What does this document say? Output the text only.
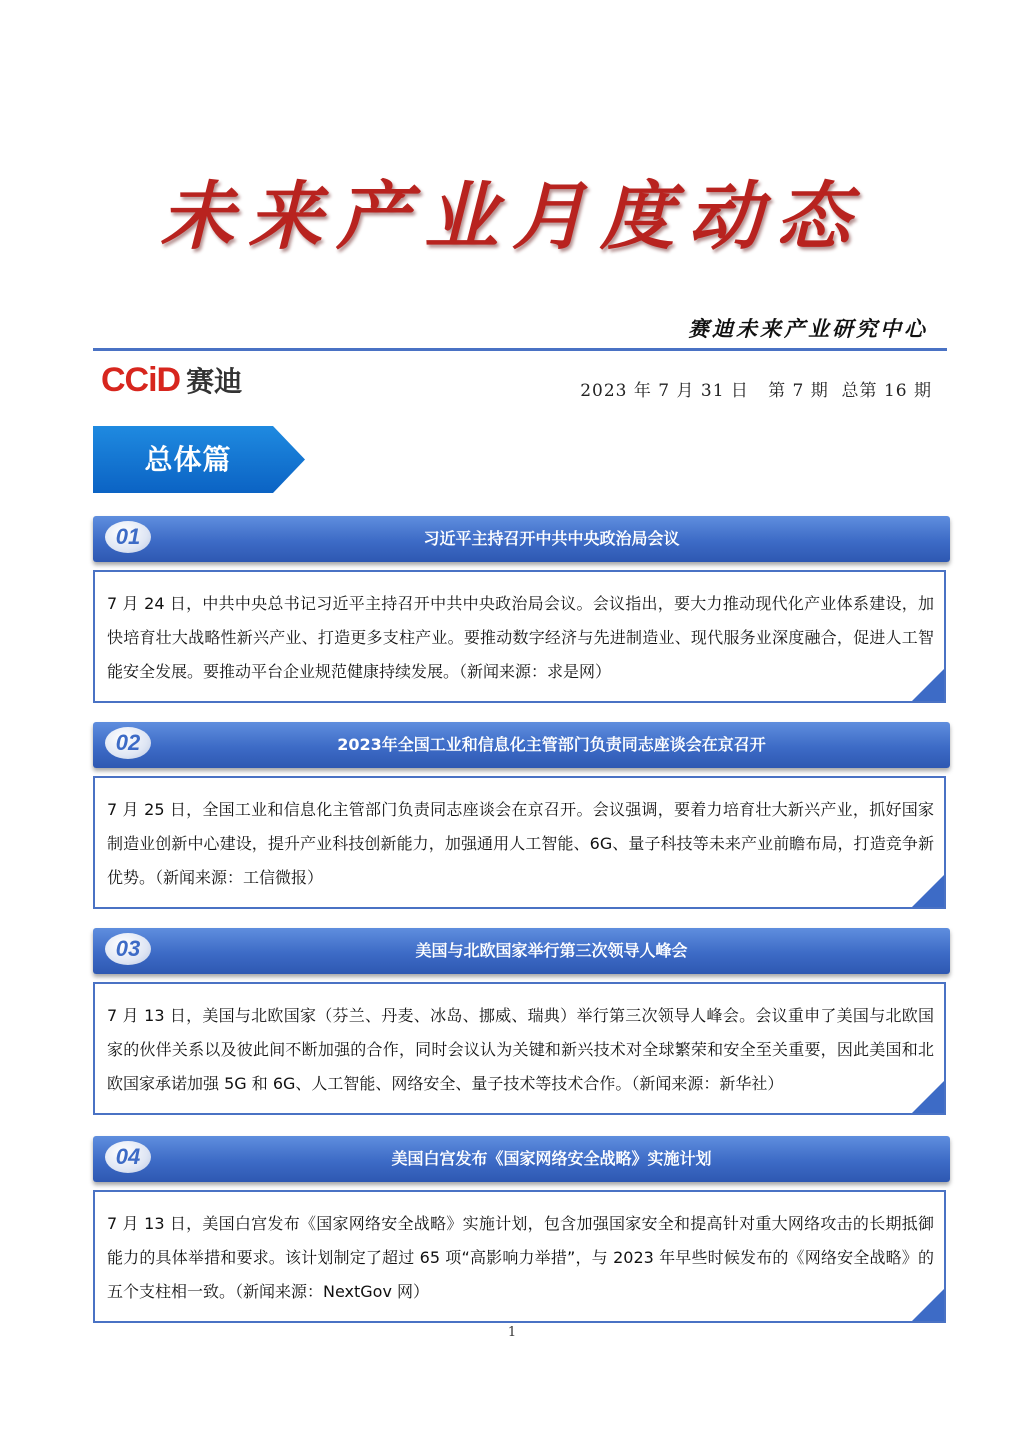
未来产业月度动态
赛迪未来产业研究中心
CCiD 赛迪	2023 年 7 月 31 日   第 7 期  总第 16 期
总体篇
01	习近平主持召开中共中央政治局会议
7 月 24 日，中共中央总书记习近平主持召开中共中央政治局会议。会议指出，要大力推动现代化产业体系建设，加快培育壮大战略性新兴产业、打造更多支柱产业。要推动数字经济与先进制造业、现代服务业深度融合，促进人工智能安全发展。要推动平台企业规范健康持续发展。（新闻来源：求是网）
02	2023年全国工业和信息化主管部门负责同志座谈会在京召开
7 月 25 日，全国工业和信息化主管部门负责同志座谈会在京召开。会议强调，要着力培育壮大新兴产业，抓好国家制造业创新中心建设，提升产业科技创新能力，加强通用人工智能、6G、量子科技等未来产业前瞻布局，打造竞争新优势。（新闻来源：工信微报）
03	美国与北欧国家举行第三次领导人峰会
7 月 13 日，美国与北欧国家（芬兰、丹麦、冰岛、挪威、瑞典）举行第三次领导人峰会。会议重申了美国与北欧国家的伙伴关系以及彼此间不断加强的合作，同时会议认为关键和新兴技术对全球繁荣和安全至关重要，因此美国和北欧国家承诺加强 5G 和 6G、人工智能、网络安全、量子技术等技术合作。（新闻来源：新华社）
04	美国白宫发布《国家网络安全战略》实施计划
7 月 13 日，美国白宫发布《国家网络安全战略》实施计划，包含加强国家安全和提高针对重大网络攻击的长期抵御能力的具体举措和要求。该计划制定了超过 65 项“高影响力举措”，与 2023 年早些时候发布的《网络安全战略》的五个支柱相一致。（新闻来源：NextGov 网）
1
